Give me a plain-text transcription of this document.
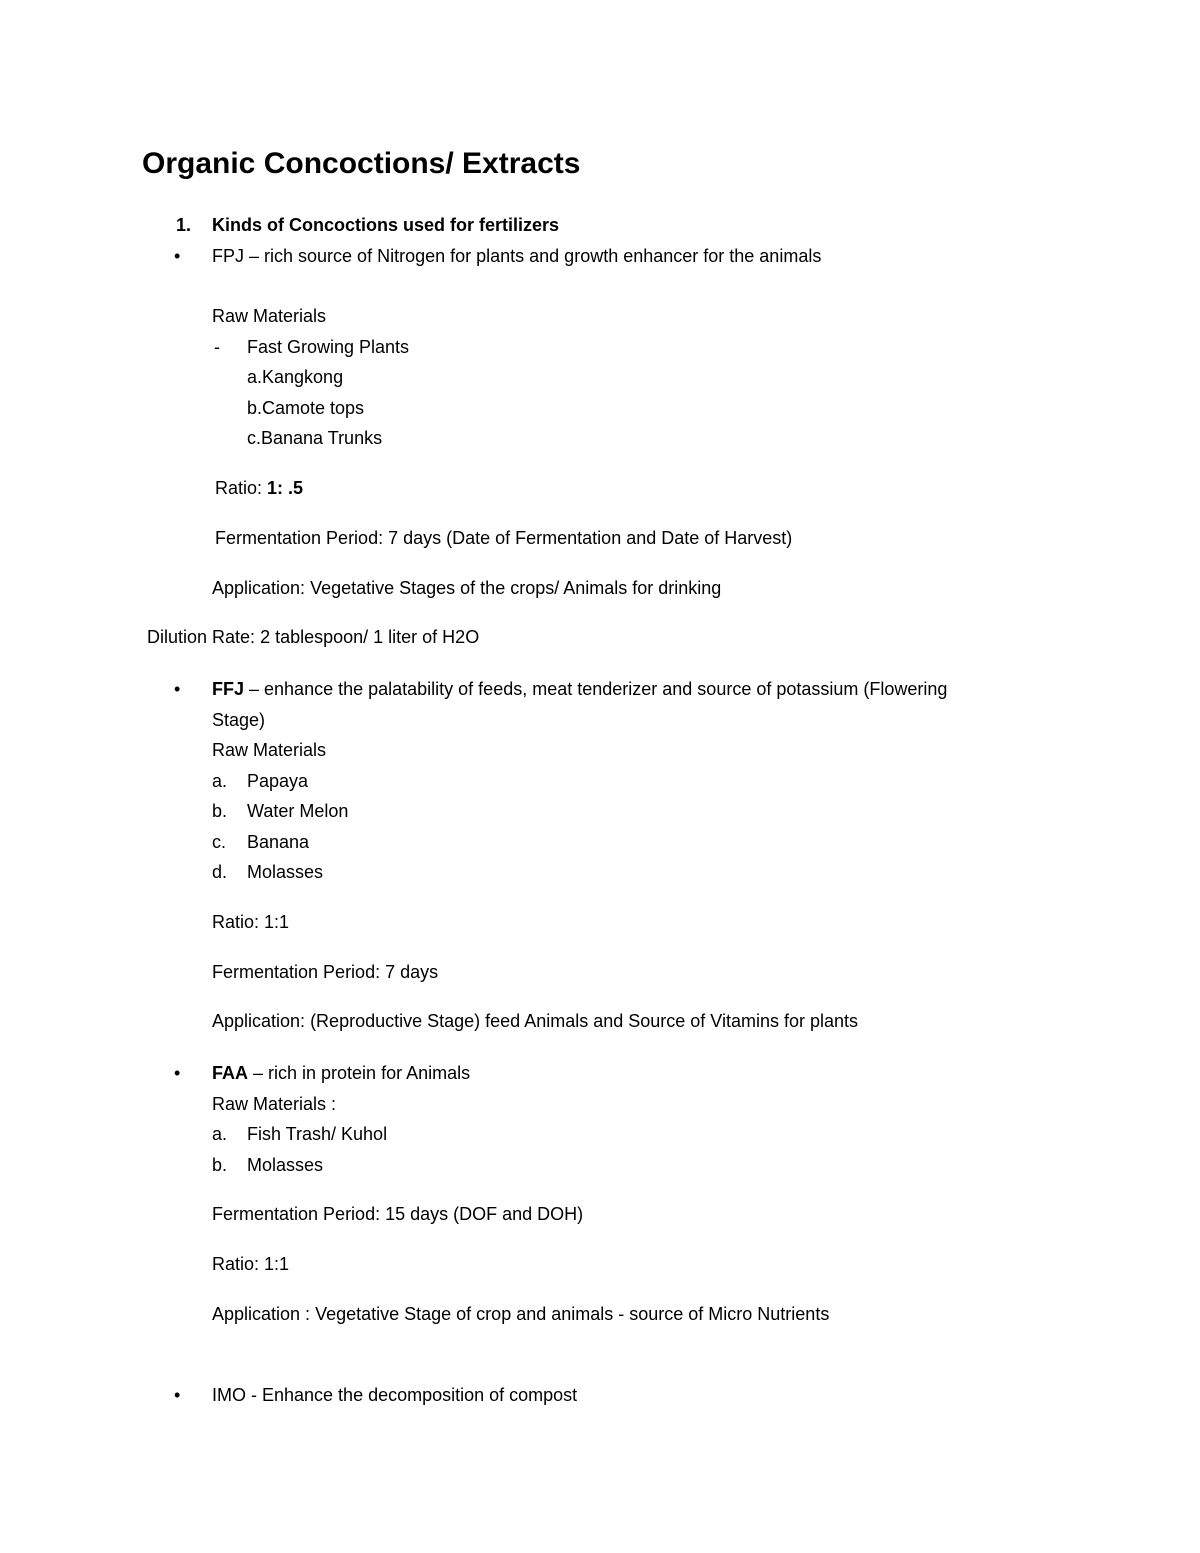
Organic Concoctions/ Extracts
1. Kinds of Concoctions used for fertilizers
• FPJ – rich source of Nitrogen for plants and growth enhancer for the animals
Raw Materials
- Fast Growing Plants
a.Kangkong
b.Camote tops
c.Banana Trunks
Ratio: 1: .5
Fermentation Period: 7 days (Date of Fermentation and Date of Harvest)
Application: Vegetative Stages of the crops/ Animals for drinking
Dilution Rate: 2 tablespoon/ 1 liter of H2O
• FFJ – enhance the palatability of feeds, meat tenderizer and source of potassium (Flowering
Stage)
Raw Materials
a. Papaya
b. Water Melon
c. Banana
d. Molasses
Ratio: 1:1
Fermentation Period: 7 days
Application: (Reproductive Stage) feed Animals and Source of Vitamins for plants
• FAA – rich in protein for Animals
Raw Materials :
a. Fish Trash/ Kuhol
b. Molasses
Fermentation Period: 15 days (DOF and DOH)
Ratio: 1:1
Application : Vegetative Stage of crop and animals - source of Micro Nutrients
• IMO - Enhance the decomposition of compost
